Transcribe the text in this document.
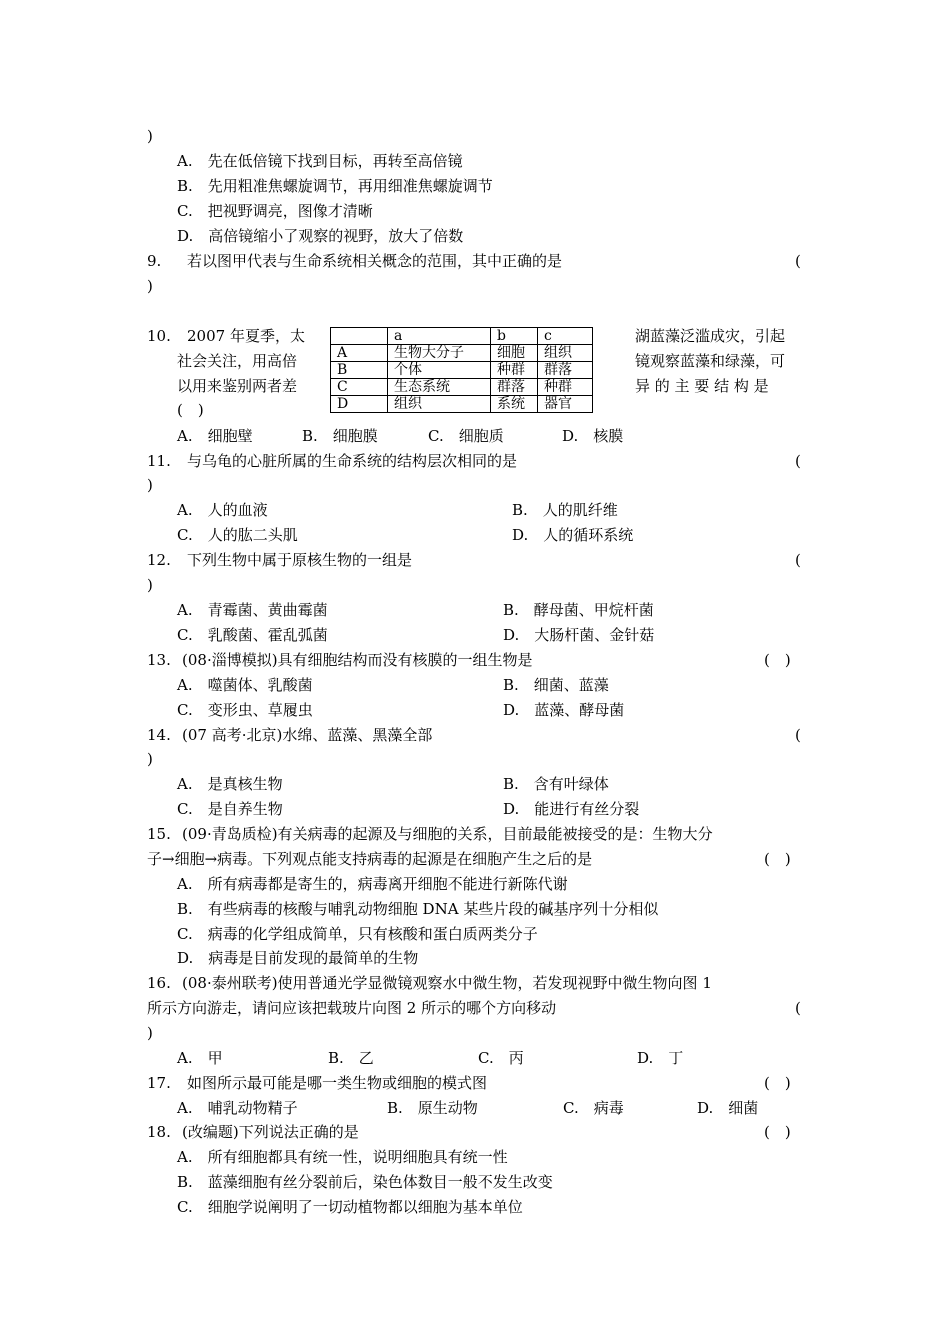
)
A.　先在低倍镜下找到目标，再转至高倍镜
B.　先用粗准焦螺旋调节，再用细准焦螺旋调节
C.　把视野调亮，图像才清晰
D.　高倍镜缩小了观察的视野，放大了倍数
9. 若以图甲代表与生命系统相关概念的范围，其中正确的是	(
)
10. 2007 年夏季，太
社会关注，用高倍
以用来鉴别两者差
(　)
湖蓝藻泛滥成灾，引起
镜观察蓝藻和绿藻，可
异 的 主 要 结 构 是
	a	b	c
A	生物大分子	细胞	组织
B	个体	种群	群落
C	生态系统	群落	种群
D	组织	系统	器官
A.　细胞壁	B.　细胞膜	C.　细胞质	D.　核膜
11. 与乌龟的心脏所属的生命系统的结构层次相同的是	(
)
A.　人的血液	B.　人的肌纤维
C.　人的肱二头肌	D.　人的循环系统
12. 下列生物中属于原核生物的一组是	(
)
A.　青霉菌、黄曲霉菌	B.　酵母菌、甲烷杆菌
C.　乳酸菌、霍乱弧菌	D.　大肠杆菌、金针菇
13. (08·淄博模拟)具有细胞结构而没有核膜的一组生物是	(　)
A.　噬菌体、乳酸菌	B.　细菌、蓝藻
C.　变形虫、草履虫	D.　蓝藻、酵母菌
14. (07 高考·北京)水绵、蓝藻、黑藻全部	(
)
A.　是真核生物	B.　含有叶绿体
C.　是自养生物	D.　能进行有丝分裂
15. (09·青岛质检)有关病毒的起源及与细胞的关系，目前最能被接受的是：生物大分
子→细胞→病毒。下列观点能支持病毒的起源是在细胞产生之后的是	(　)
A.　所有病毒都是寄生的，病毒离开细胞不能进行新陈代谢
B.　有些病毒的核酸与哺乳动物细胞 DNA 某些片段的碱基序列十分相似
C.　病毒的化学组成简单，只有核酸和蛋白质两类分子
D.　病毒是目前发现的最简单的生物
16. (08·泰州联考)使用普通光学显微镜观察水中微生物，若发现视野中微生物向图 1
所示方向游走，请问应该把载玻片向图 2 所示的哪个方向移动	(
)
A.　甲	B.　乙	C.　丙	D.　丁
17. 如图所示最可能是哪一类生物或细胞的模式图	(　)
A.　哺乳动物精子	B.　原生动物	C.　病毒	D.　细菌
18. (改编题)下列说法正确的是	(　)
A.　所有细胞都具有统一性，说明细胞具有统一性
B.　蓝藻细胞有丝分裂前后，染色体数目一般不发生改变
C.　细胞学说阐明了一切动植物都以细胞为基本单位
